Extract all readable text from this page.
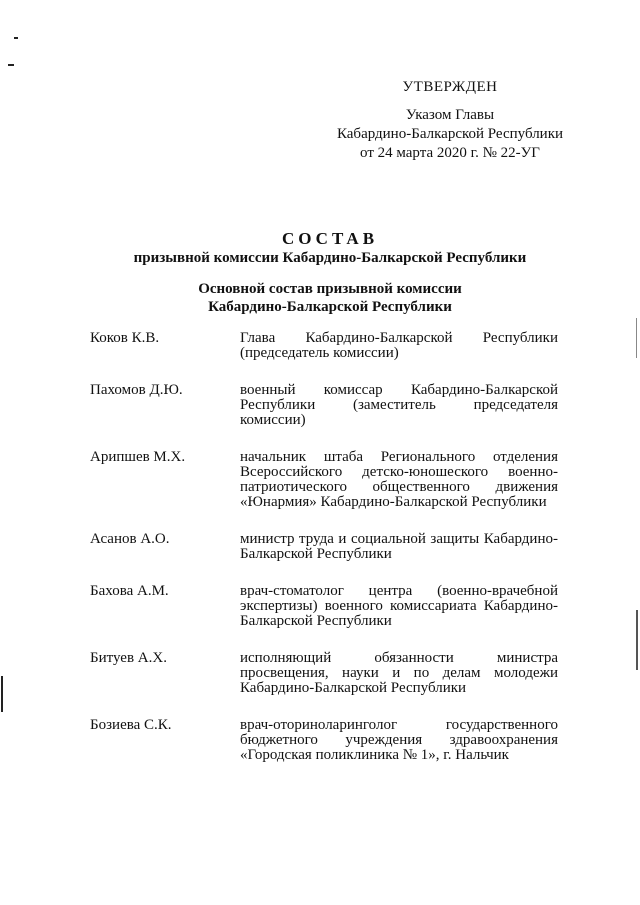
УТВЕРЖДЕН
Указом Главы
Кабардино-Балкарской Республики
от 24 марта 2020 г. № 22-УГ
СОСТАВ
призывной комиссии Кабардино-Балкарской Республики
Основной состав призывной комиссии
Кабардино-Балкарской Республики
Коков К.В.	Глава Кабардино-Балкарской Республики (председатель комиссии)
Пахомов Д.Ю.	военный комиссар Кабардино-Балкарской Республики (заместитель председателя комиссии)
Арипшев М.Х.	начальник штаба Регионального отделения Всероссийского детско-юношеского военно-патриотического общественного движения «Юнармия» Кабардино-Балкарской Республики
Асанов А.О.	министр труда и социальной защиты Кабардино-Балкарской Республики
Бахова А.М.	врач-стоматолог центра (военно-врачебной экспертизы) военного комиссариата Кабардино-Балкарской Республики
Битуев А.Х.	исполняющий обязанности министра просвещения, науки и по делам молодежи Кабардино-Балкарской Республики
Бозиева С.К.	врач-оториноларинголог государственного бюджетного учреждения здравоохранения «Городская поликлиника № 1», г. Нальчик
